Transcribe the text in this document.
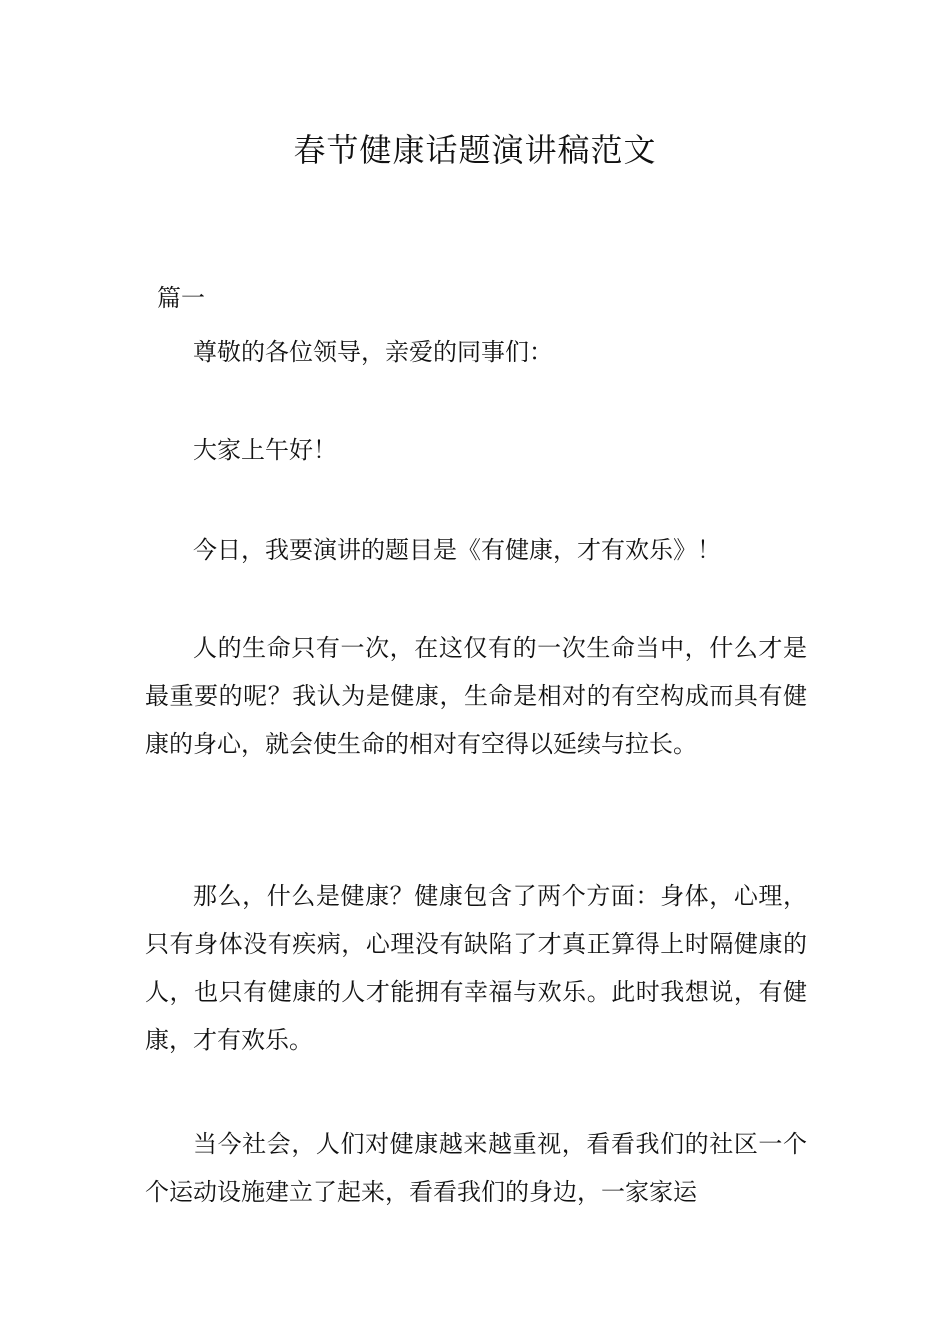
春节健康话题演讲稿范文
篇一

尊敬的各位领导，亲爱的同事们：

大家上午好！

今日，我要演讲的题目是《有健康，才有欢乐》！

人的生命只有一次，在这仅有的一次生命当中，什么才是最重要的呢？我认为是健康，生命是相对的有空构成而具有健康的身心，就会使生命的相对有空得以延续与拉长。

那么，什么是健康？健康包含了两个方面：身体，心理，只有身体没有疾病，心理没有缺陷了才真正算得上时隔健康的人，也只有健康的人才能拥有幸福与欢乐。此时我想说，有健康，才有欢乐。

当今社会，人们对健康越来越重视，看看我们的社区一个个运动设施建立了起来，看看我们的身边，一家家运
